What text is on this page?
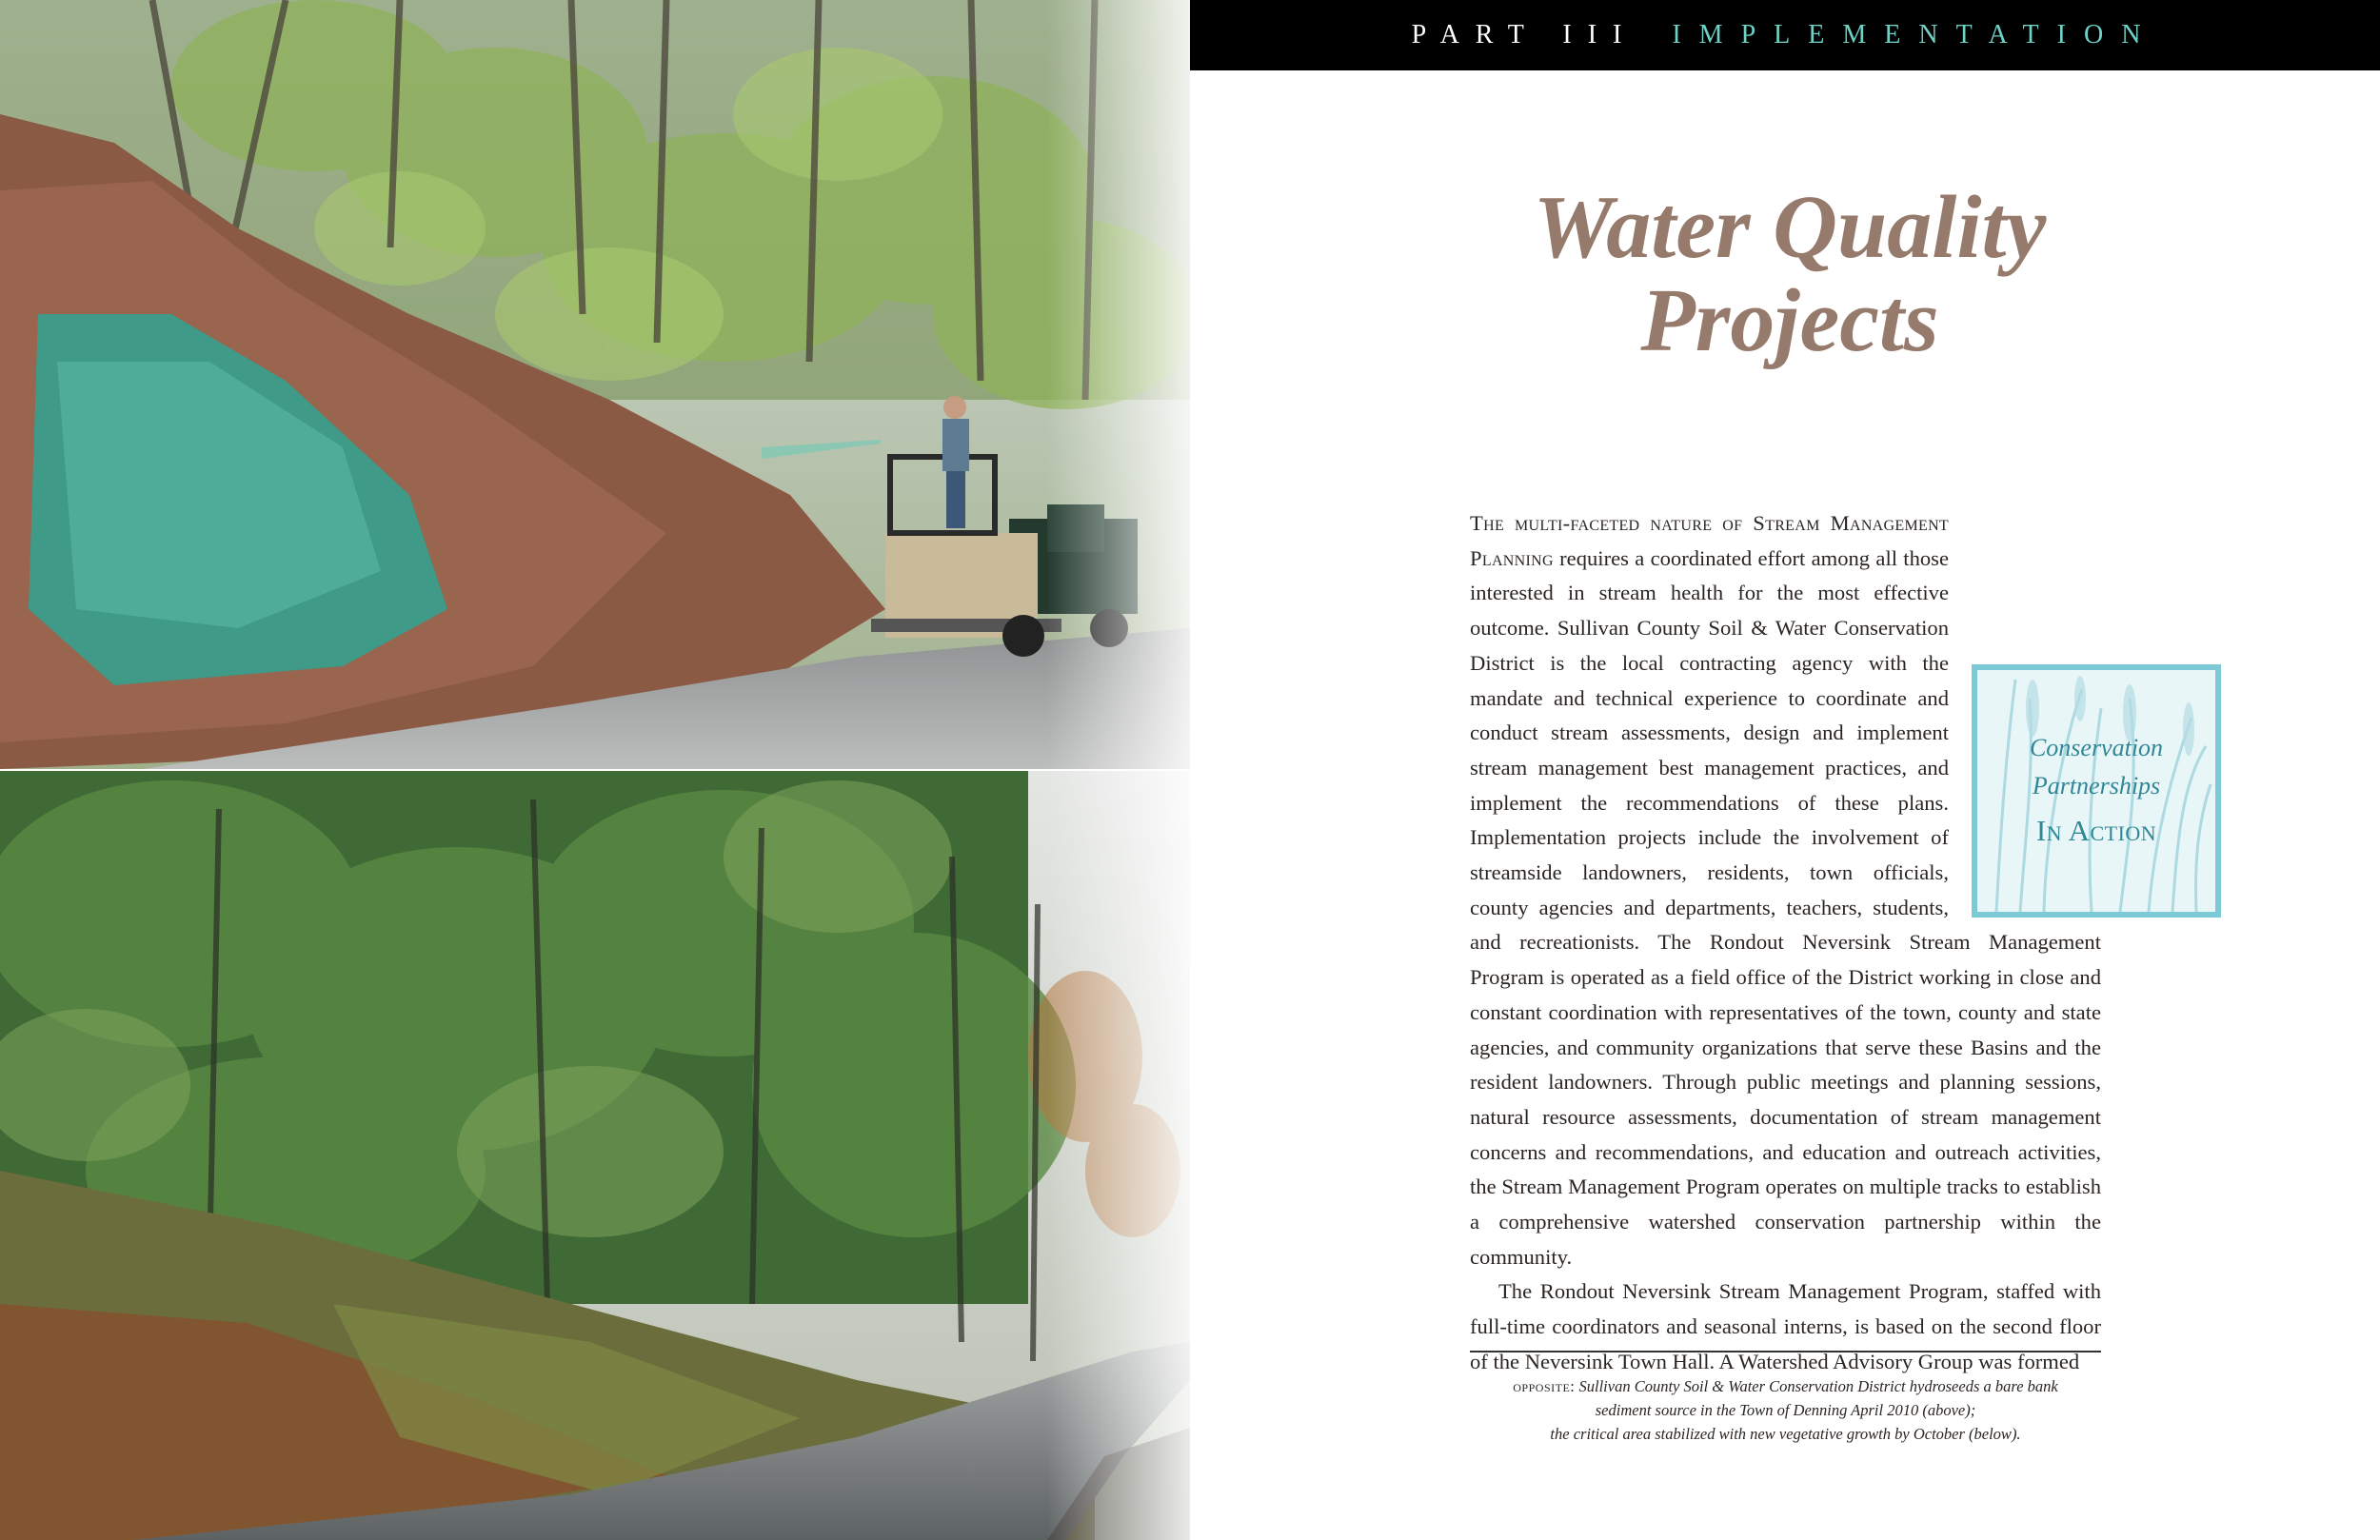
PART III IMPLEMENTATION
Water Quality
Projects
Conservation
Partnerships
In Action

The multi-faceted nature of Stream Management Planning requires a coordinated effort among all those interested in stream health for the most effective outcome. Sullivan County Soil & Water Conservation District is the local contracting agency with the mandate and technical experience to coordinate and conduct stream assessments, design and implement stream management best management practices, and implement the recommendations of these plans. Implementation projects include the involvement of streamside landowners, residents, town officials, county agencies and departments, teachers, students, and recreationists. The Rondout Neversink Stream Management Program is operated as a field office of the District working in close and constant coordination with representatives of the town, county and state agencies, and community organizations that serve these Basins and the resident landowners. Through public meetings and planning sessions, natural resource assessments, documentation of stream management concerns and recommendations, and education and outreach activities, the Stream Management Program operates on multiple tracks to establish a comprehensive watershed conservation partnership within the community.

The Rondout Neversink Stream Management Program, staffed with full-time coordinators and seasonal interns, is based on the second floor of the Neversink Town Hall. A Watershed Advisory Group was formed

opposite: Sullivan County Soil & Water Conservation District hydroseeds a bare bank
sediment source in the Town of Denning April 2010 (above);
the critical area stabilized with new vegetative growth by October (below).
